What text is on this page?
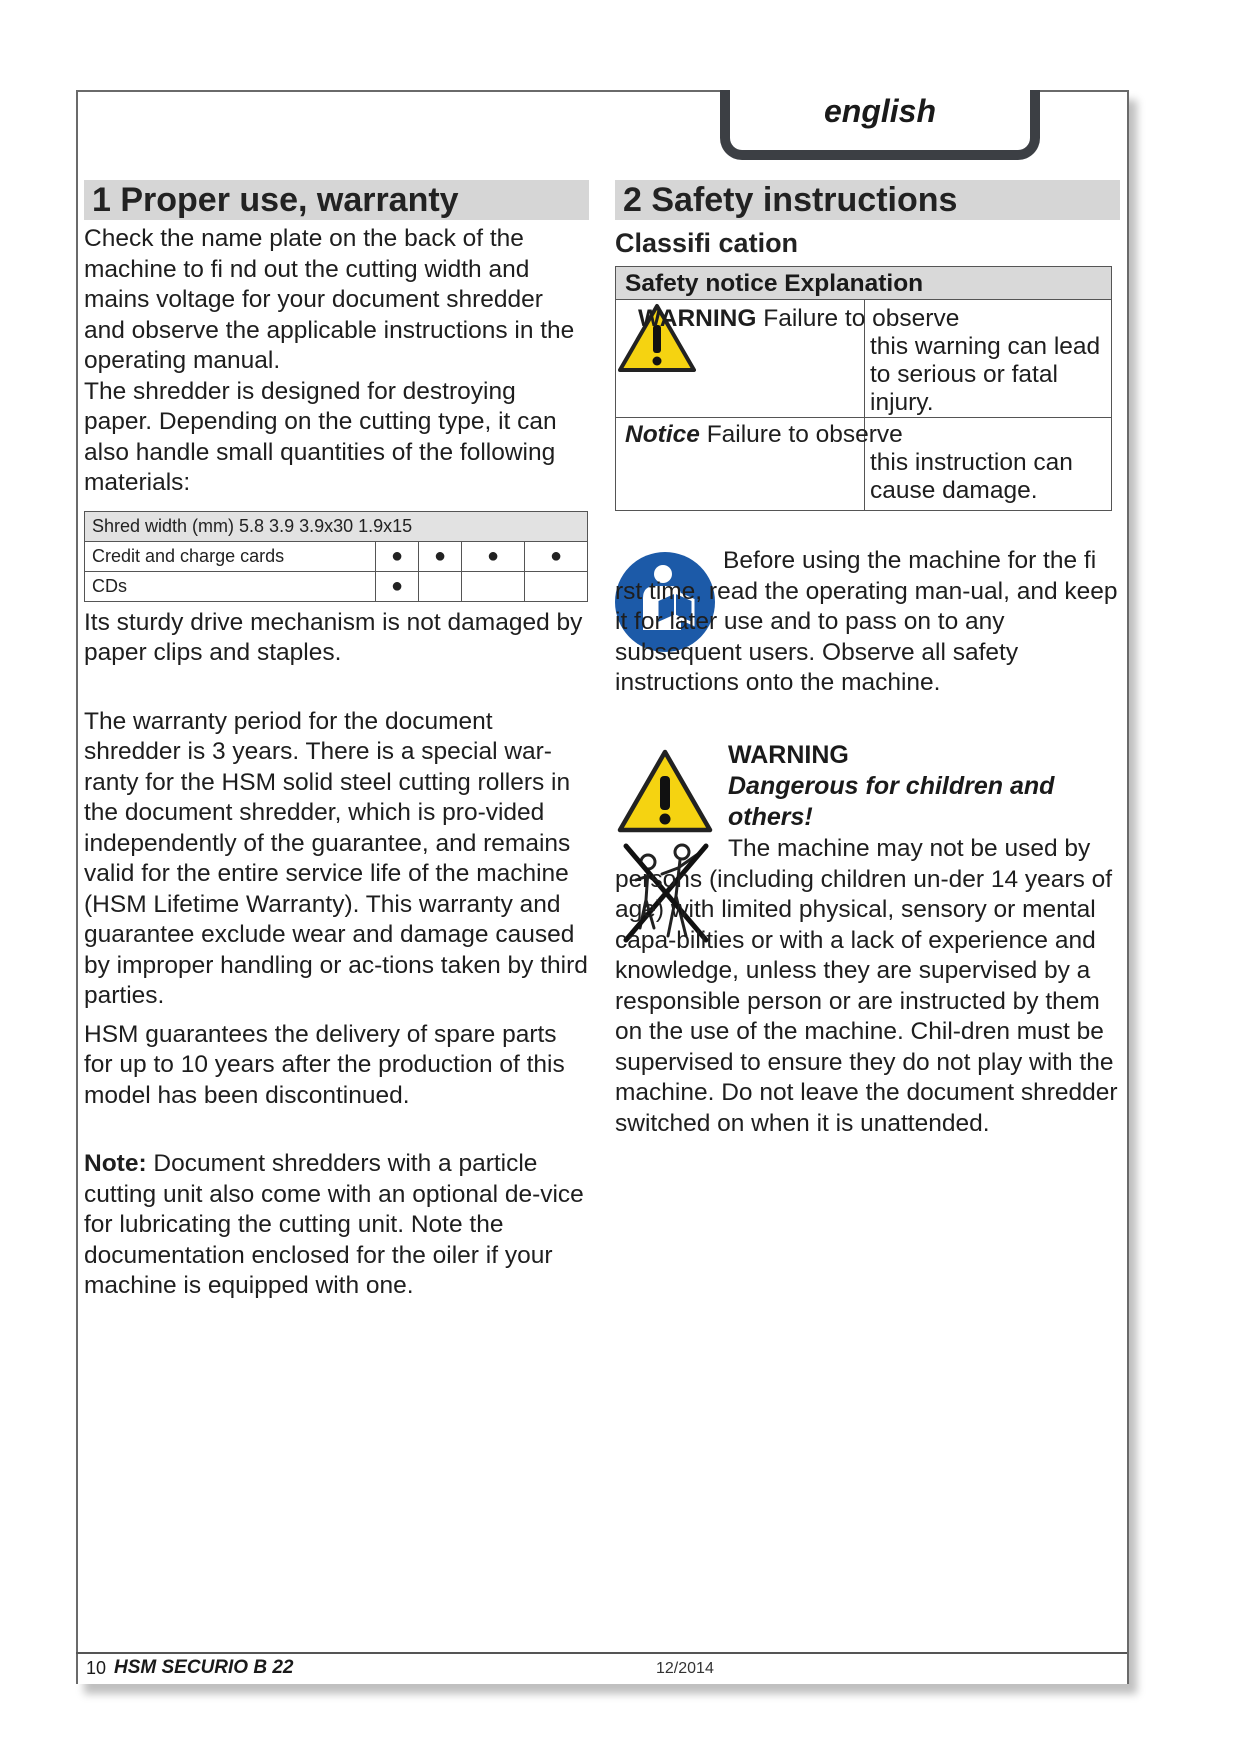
english
1 Proper use, warranty

Check the name plate on the back of the machine to fi nd out the cutting width and mains voltage for your document shredder and observe the applicable instructions in the operating manual.

The shredder is designed for destroying paper. Depending on the cutting type, it can also handle small quantities of the following materials:

Shred width (mm) 5.8 3.9 3.9x30 1.9x15				
Credit and charge cards	●	●	●	●
CDs	●			

Its sturdy drive mechanism is not damaged by paper clips and staples.

The warranty period for the document shredder is 3 years. There is a special war-ranty for the HSM solid steel cutting rollers in the document shredder, which is pro-vided independently of the guarantee, and remains valid for the entire service life of the machine (HSM Lifetime Warranty). This warranty and guarantee exclude wear and damage caused by improper handling or ac-tions taken by third parties.

HSM guarantees the delivery of spare parts for up to 10 years after the production of this model has been discontinued.

Note: Document shredders with a particle cutting unit also come with an optional de-vice for lubricating the cutting unit. Note the documentation enclosed for the oiler if your machine is equipped with one.

2 Safety instructions
Classifi cation
Safety notice Explanation
WARNING Failure to observe
this warning can lead to serious or fatal injury.
Notice Failure to observe
this instruction can cause damage.
Before using the machine for the fi rst time, read the operating man-ual, and keep it for later use and to pass on to any subsequent users. Observe all safety instructions onto the machine.
WARNING
Dangerous for children and others!
The machine may not be used by persons (including children un-der 14 years of age) with limited physical, sensory or mental capa-bilities or with a lack of experience and knowledge, unless they are supervised by a responsible person or are instructed by them on the use of the machine. Chil-dren must be supervised to ensure they do not play with the machine. Do not leave the document shredder switched on when it is unattended.
10 HSM SECURIO B 22	12/2014
